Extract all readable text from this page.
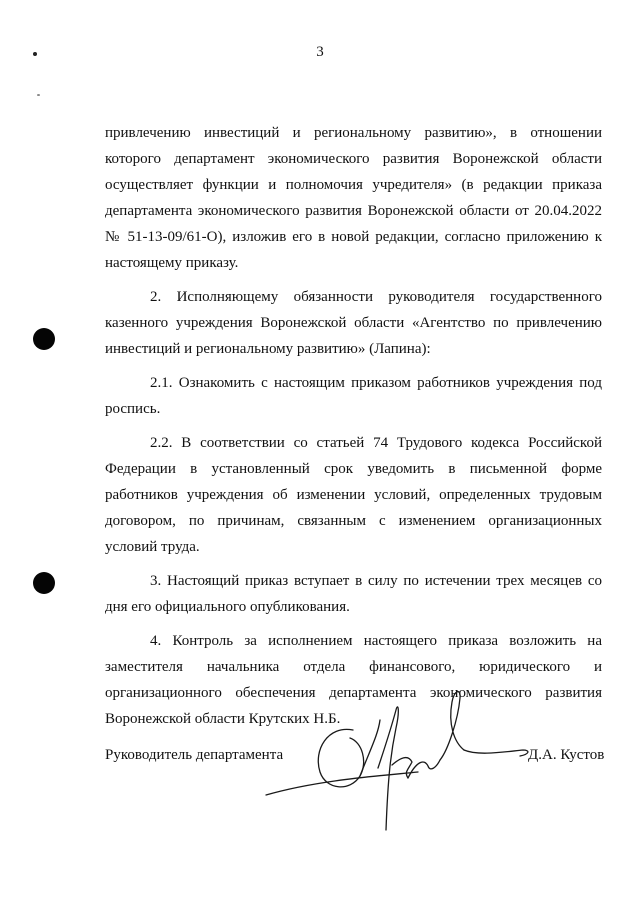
3

привлечению инвестиций и региональному развитию», в отношении которого департамент экономического развития Воронежской области осуществляет функции и полномочия учредителя» (в редакции приказа департамента экономического развития Воронежской области от 20.04.2022 № 51-13-09/61-О), изложив его в новой редакции, согласно приложению к настоящему приказу.

2. Исполняющему обязанности руководителя государственного казенного учреждения Воронежской области «Агентство по привлечению инвестиций и региональному развитию» (Лапина):

2.1. Ознакомить с настоящим приказом работников учреждения под роспись.

2.2. В соответствии со статьей 74 Трудового кодекса Российской Федерации в установленный срок уведомить в письменной форме работников учреждения об изменении условий, определенных трудовым договором, по причинам, связанным с изменением организационных условий труда.

3. Настоящий приказ вступает в силу по истечении трех месяцев со дня его официального опубликования.

4. Контроль за исполнением настоящего приказа возложить на заместителя начальника отдела финансового, юридического и организационного обеспечения департамента экономического развития Воронежской области Крутских Н.Б.

Руководитель департамента	Д.А. Кустов
